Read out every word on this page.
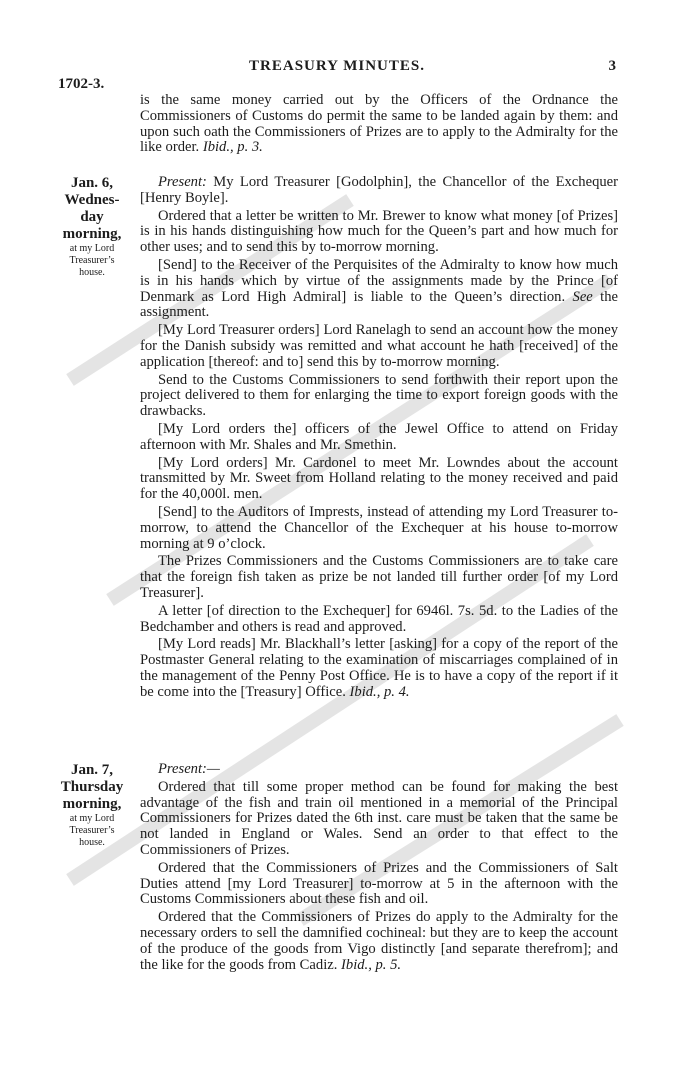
TREASURY MINUTES.	3
1702-3.

is the same money carried out by the Officers of the Ordnance the Commissioners of Customs do permit the same to be landed again by them: and upon such oath the Commissioners of Prizes are to apply to the Admiralty for the like order. Ibid., p. 3.

Jan. 6,
Wednes-
day
morning,
at my Lord
Treasurer’s
house.

Present: My Lord Treasurer [Godolphin], the Chancellor of the Exchequer [Henry Boyle].

Ordered that a letter be written to Mr. Brewer to know what money [of Prizes] is in his hands distinguishing how much for the Queen’s part and how much for other uses; and to send this by to-morrow morning.

[Send] to the Receiver of the Perquisites of the Admiralty to know how much is in his hands which by virtue of the assignments made by the Prince [of Denmark as Lord High Admiral] is liable to the Queen’s direction. See the assignment.

[My Lord Treasurer orders] Lord Ranelagh to send an account how the money for the Danish subsidy was remitted and what account he hath [received] of the application [thereof: and to] send this by to-morrow morning.

Send to the Customs Commissioners to send forthwith their report upon the project delivered to them for enlarging the time to export foreign goods with the drawbacks.

[My Lord orders the] officers of the Jewel Office to attend on Friday afternoon with Mr. Shales and Mr. Smethin.

[My Lord orders] Mr. Cardonel to meet Mr. Lowndes about the account transmitted by Mr. Sweet from Holland relating to the money received and paid for the 40,000l. men.

[Send] to the Auditors of Imprests, instead of attending my Lord Treasurer to-morrow, to attend the Chancellor of the Exchequer at his house to-morrow morning at 9 o’clock.

The Prizes Commissioners and the Customs Commissioners are to take care that the foreign fish taken as prize be not landed till further order [of my Lord Treasurer].

A letter [of direction to the Exchequer] for 6946l. 7s. 5d. to the Ladies of the Bedchamber and others is read and approved.

[My Lord reads] Mr. Blackhall’s letter [asking] for a copy of the report of the Postmaster General relating to the examination of miscarriages complained of in the management of the Penny Post Office. He is to have a copy of the report if it be come into the [Treasury] Office. Ibid., p. 4.

Jan. 7,
Thursday
morning,
at my Lord
Treasurer’s
house.

Present:—

Ordered that till some proper method can be found for making the best advantage of the fish and train oil mentioned in a memorial of the Principal Commissioners for Prizes dated the 6th inst. care must be taken that the same be not landed in England or Wales. Send an order to that effect to the Commissioners of Prizes.

Ordered that the Commissioners of Prizes and the Commissioners of Salt Duties attend [my Lord Treasurer] to-morrow at 5 in the afternoon with the Customs Commissioners about these fish and oil.

Ordered that the Commissioners of Prizes do apply to the Admiralty for the necessary orders to sell the damnified cochineal: but they are to keep the account of the produce of the goods from Vigo distinctly [and separate therefrom]; and the like for the goods from Cadiz. Ibid., p. 5.
